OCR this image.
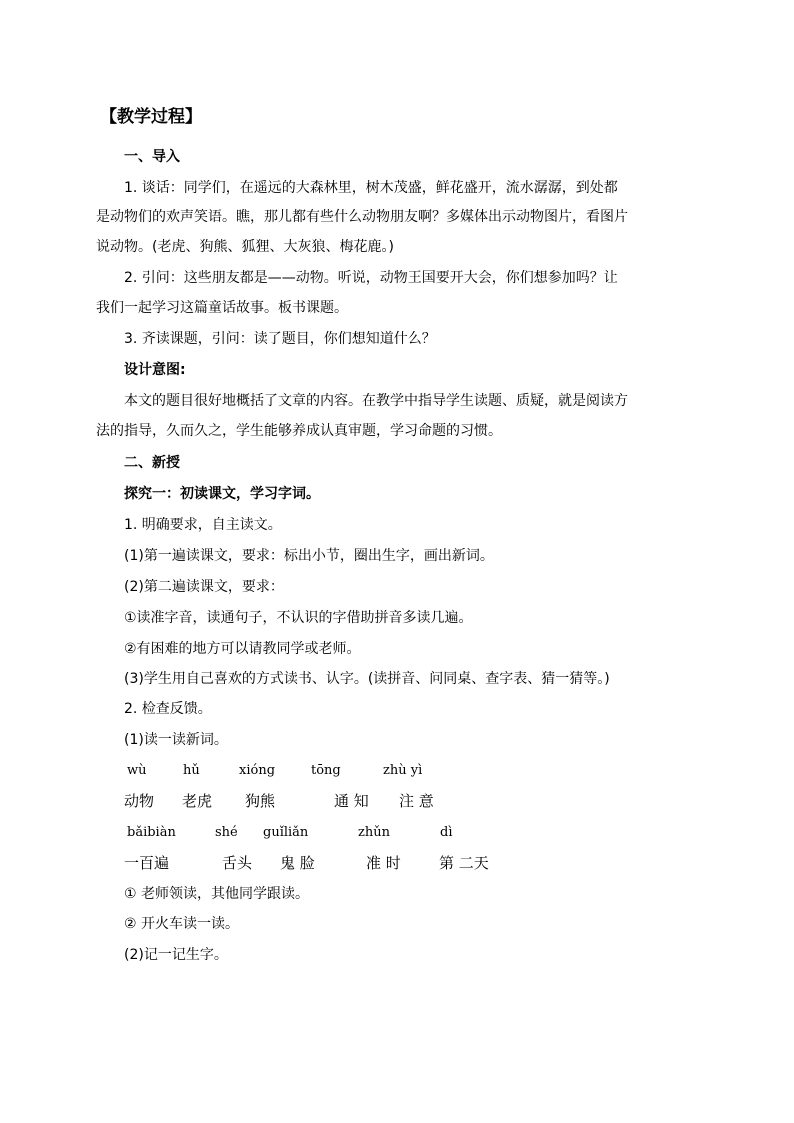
【教学过程】
一、导入
1. 谈话：同学们，在遥远的大森林里，树木茂盛，鲜花盛开，流水潺潺，到处都
是动物们的欢声笑语。瞧，那儿都有些什么动物朋友啊？多媒体出示动物图片，看图片
说动物。(老虎、狗熊、狐狸、大灰狼、梅花鹿。)
2. 引问：这些朋友都是——动物。听说，动物王国要开大会，你们想参加吗？让
我们一起学习这篇童话故事。板书课题。
3. 齐读课题，引问：读了题目，你们想知道什么？
设计意图:
本文的题目很好地概括了文章的内容。在教学中指导学生读题、质疑，就是阅读方
法的指导，久而久之，学生能够养成认真审题，学习命题的习惯。
二、新授
探究一：初读课文，学习字词。
1. 明确要求，自主读文。
(1)第一遍读课文，要求：标出小节，圈出生字，画出新词。
(2)第二遍读课文，要求：
①读准字音，读通句子，不认识的字借助拼音多读几遍。
②有困难的地方可以请教同学或老师。
(3)学生用自己喜欢的方式读书、认字。(读拼音、问同桌、查字表、猜一猜等。)
2. 检查反馈。
(1)读一读新词。
wù	hǔ	xióng	tōng	zhù yì
动物 老虎 狗熊	通 知 注 意
bǎibiàn	shé guǐliǎn	zhǔn	dì
一百遍	舌头 鬼 脸	准 时	第 二天
① 老师领读，其他同学跟读。
② 开火车读一读。
(2)记一记生字。
